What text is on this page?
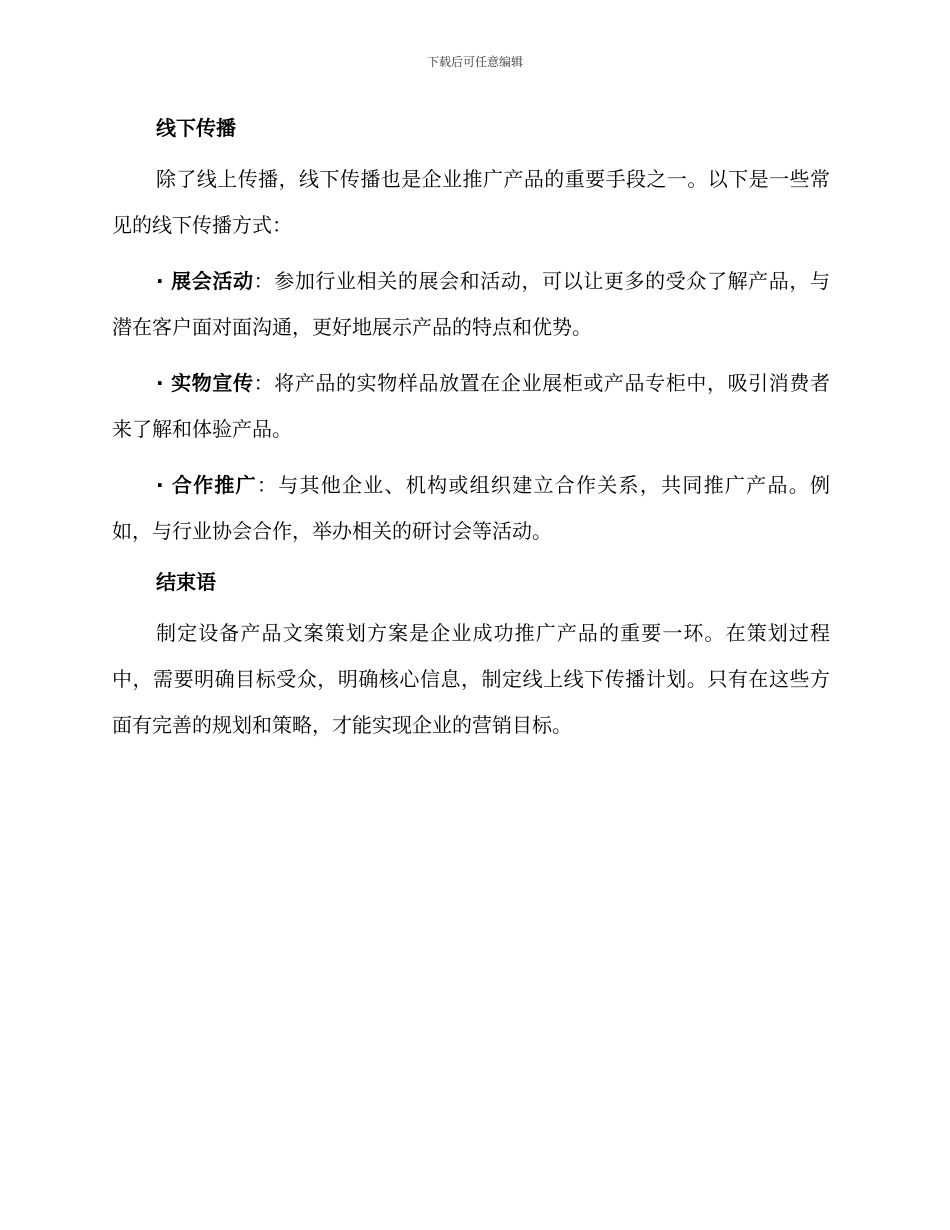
下载后可任意编辑
线下传播

除了线上传播，线下传播也是企业推广产品的重要手段之一。以下是一些常见的线下传播方式：

· 展会活动：参加行业相关的展会和活动，可以让更多的受众了解产品，与潜在客户面对面沟通，更好地展示产品的特点和优势。

· 实物宣传：将产品的实物样品放置在企业展柜或产品专柜中，吸引消费者来了解和体验产品。

· 合作推广：与其他企业、机构或组织建立合作关系，共同推广产品。例如，与行业协会合作，举办相关的研讨会等活动。

结束语

制定设备产品文案策划方案是企业成功推广产品的重要一环。在策划过程中，需要明确目标受众，明确核心信息，制定线上线下传播计划。只有在这些方面有完善的规划和策略，才能实现企业的营销目标。
